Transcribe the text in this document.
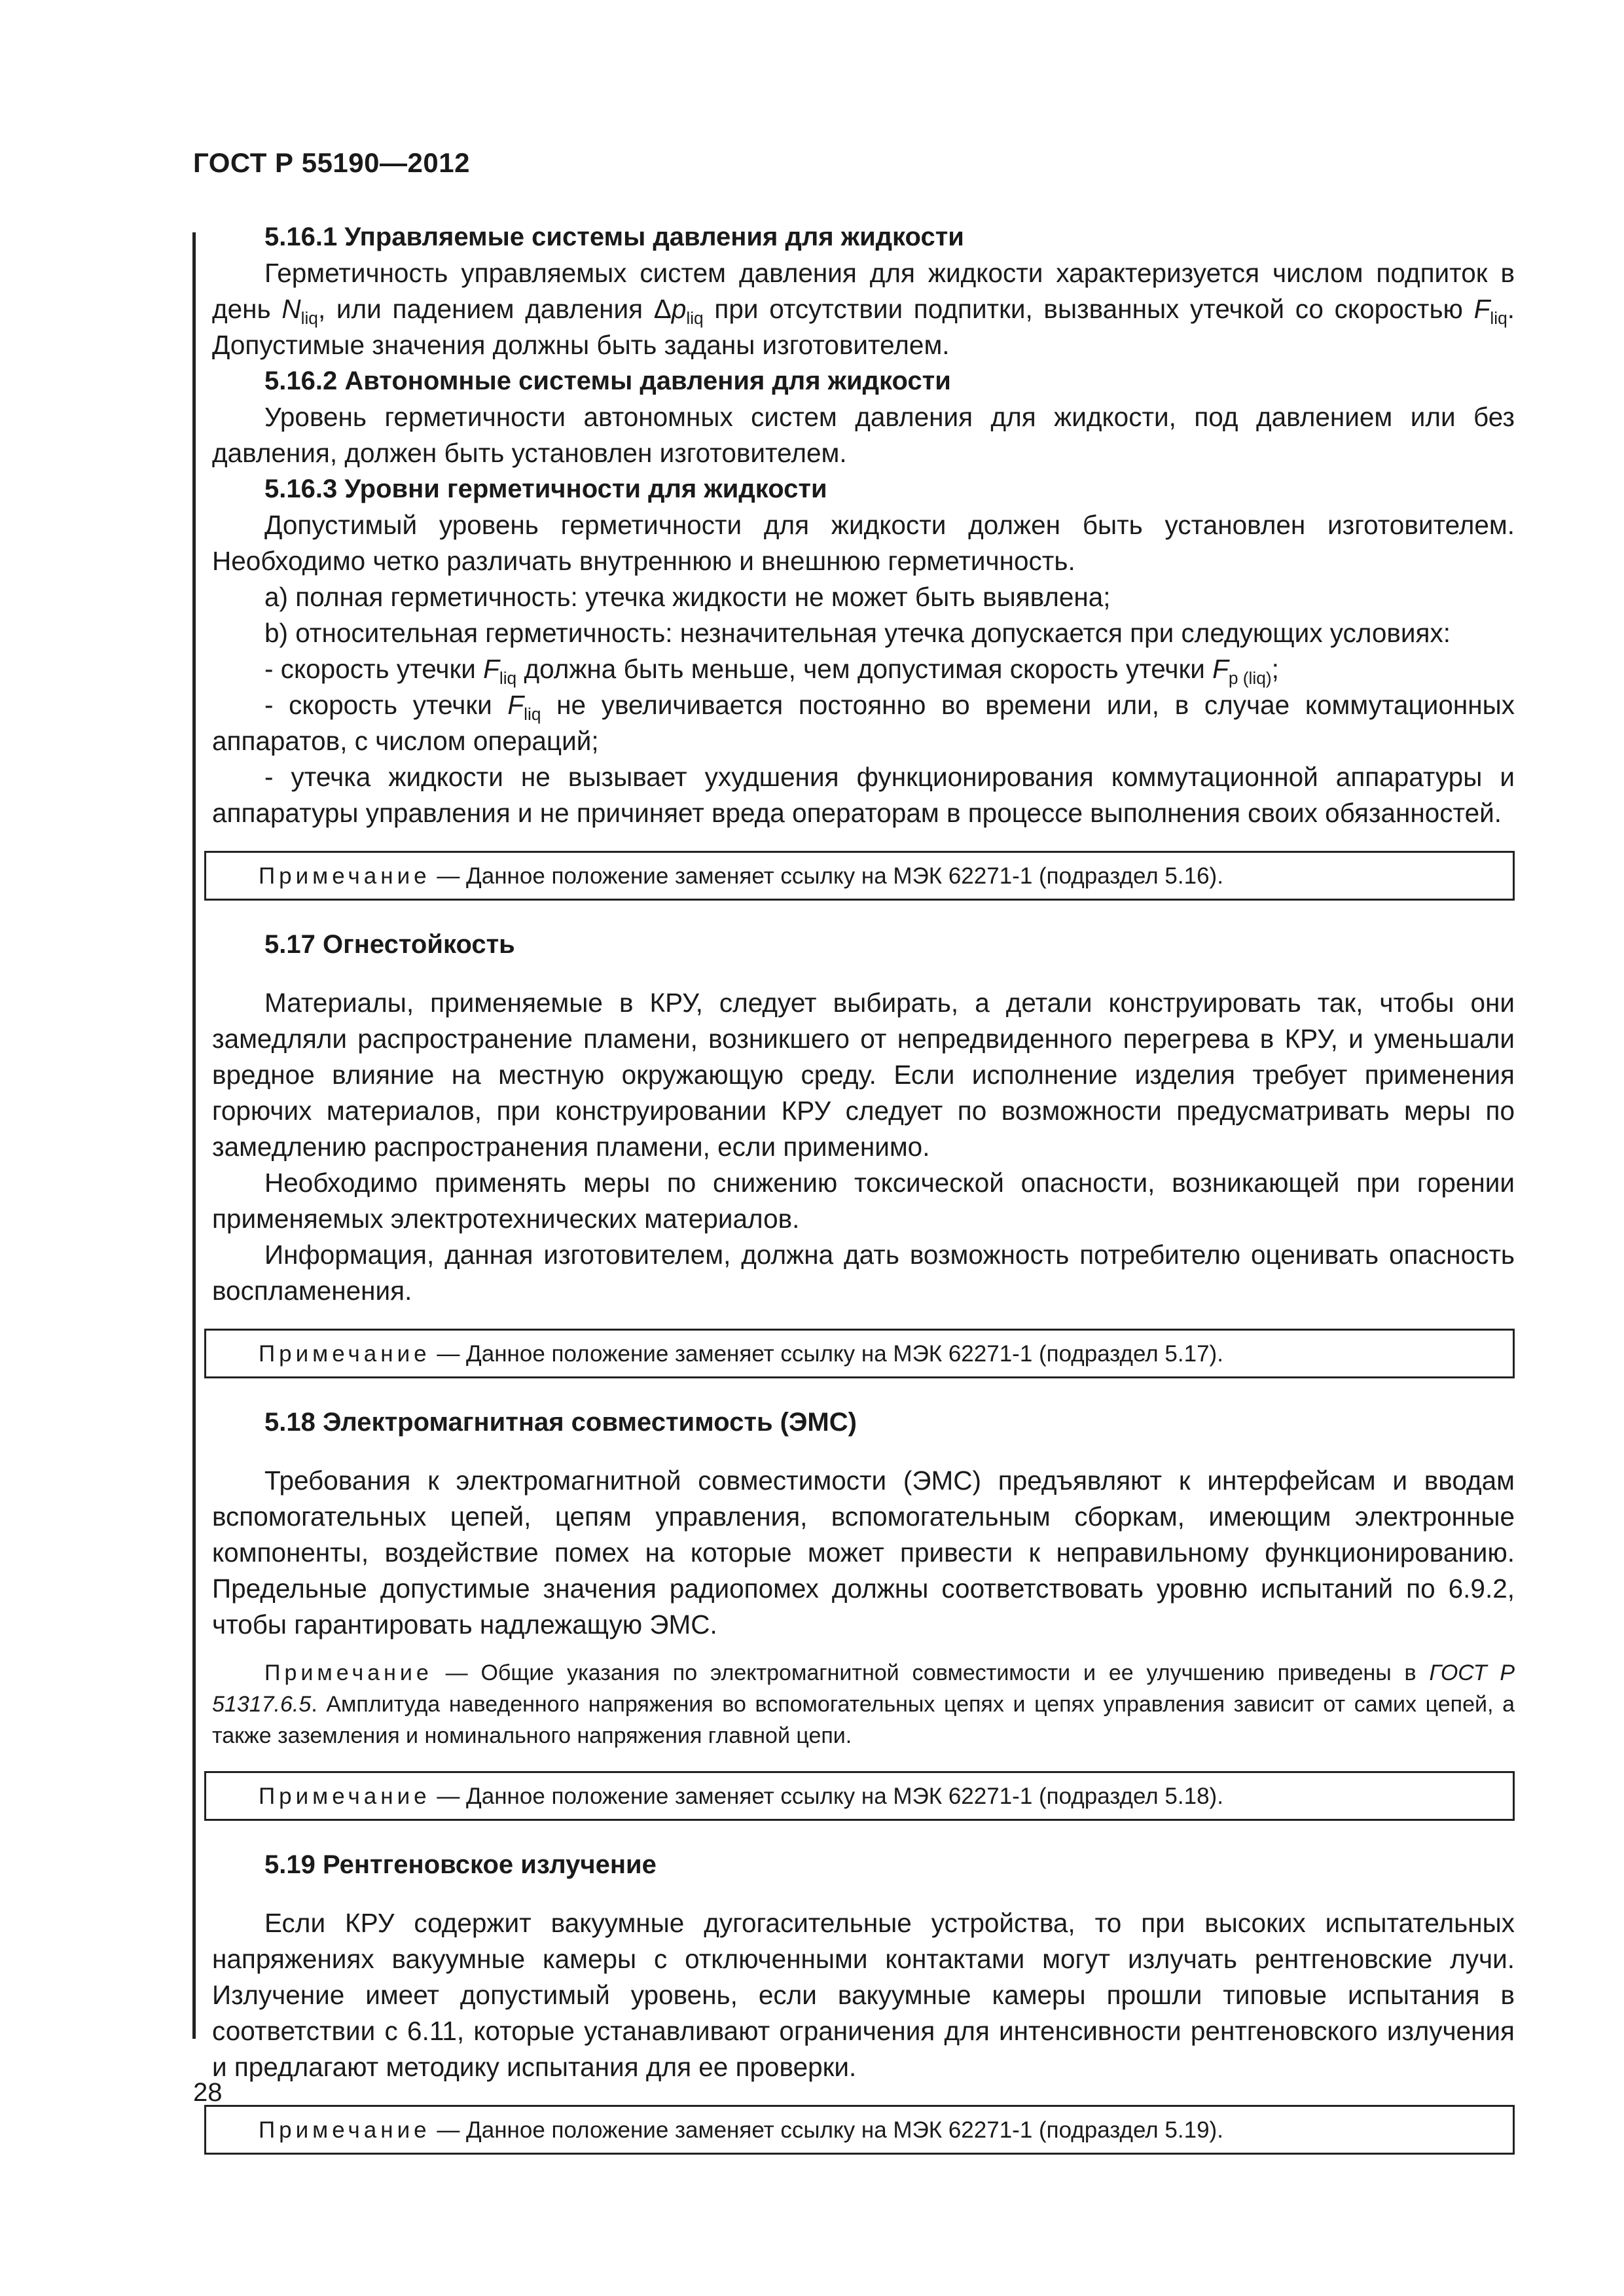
ГОСТ Р 55190—2012
5.16.1 Управляемые системы давления для жидкости

Герметичность управляемых систем давления для жидкости характеризуется числом подпиток в день $N_{liq}$, или падением давления $\Delta p_{liq}$ при отсутствии подпитки, вызванных утечкой со скоростью $F_{liq}$. Допустимые значения должны быть заданы изготовителем.

5.16.2 Автономные системы давления для жидкости

Уровень герметичности автономных систем давления для жидкости, под давлением или без давления, должен быть установлен изготовителем.

5.16.3 Уровни герметичности для жидкости

Допустимый уровень герметичности для жидкости должен быть установлен изготовителем. Необходимо четко различать внутреннюю и внешнюю герметичность.

a) полная герметичность: утечка жидкости не может быть выявлена;

b) относительная герметичность: незначительная утечка допускается при следующих условиях:

- скорость утечки $F_{liq}$ должна быть меньше, чем допустимая скорость утечки $F_{p (liq)}$;

- скорость утечки $F_{liq}$ не увеличивается постоянно во времени или, в случае коммутационных аппаратов, с числом операций;

- утечка жидкости не вызывает ухудшения функционирования коммутационной аппаратуры и аппаратуры управления и не причиняет вреда операторам в процессе выполнения своих обязанностей.

Примечание — Данное положение заменяет ссылку на МЭК 62271-1 (подраздел 5.16).
5.17 Огнестойкость

Материалы, применяемые в КРУ, следует выбирать, а детали конструировать так, чтобы они замедляли распространение пламени, возникшего от непредвиденного перегрева в КРУ, и уменьшали вредное влияние на местную окружающую среду. Если исполнение изделия требует применения горючих материалов, при конструировании КРУ следует по возможности предусматривать меры по замедлению распространения пламени, если применимо.

Необходимо применять меры по снижению токсической опасности, возникающей при горении применяемых электротехнических материалов.

Информация, данная изготовителем, должна дать возможность потребителю оценивать опасность воспламенения.

Примечание — Данное положение заменяет ссылку на МЭК 62271-1 (подраздел 5.17).
5.18 Электромагнитная совместимость (ЭМС)

Требования к электромагнитной совместимости (ЭМС) предъявляют к интерфейсам и вводам вспомогательных цепей, цепям управления, вспомогательным сборкам, имеющим электронные компоненты, воздействие помех на которые может привести к неправильному функционированию. Предельные допустимые значения радиопомех должны соответствовать уровню испытаний по 6.9.2, чтобы гарантировать надлежащую ЭМС.

Примечание — Общие указания по электромагнитной совместимости и ее улучшению приведены в ГОСТ Р 51317.6.5. Амплитуда наведенного напряжения во вспомогательных цепях и цепях управления зависит от самих цепей, а также заземления и номинального напряжения главной цепи.
Примечание — Данное положение заменяет ссылку на МЭК 62271-1 (подраздел 5.18).
5.19 Рентгеновское излучение

Если КРУ содержит вакуумные дугогасительные устройства, то при высоких испытательных напряжениях вакуумные камеры с отключенными контактами могут излучать рентгеновские лучи. Излучение имеет допустимый уровень, если вакуумные камеры прошли типовые испытания в соответствии с 6.11, которые устанавливают ограничения для интенсивности рентгеновского излучения и предлагают методику испытания для ее проверки.

Примечание — Данное положение заменяет ссылку на МЭК 62271-1 (подраздел 5.19).
28
